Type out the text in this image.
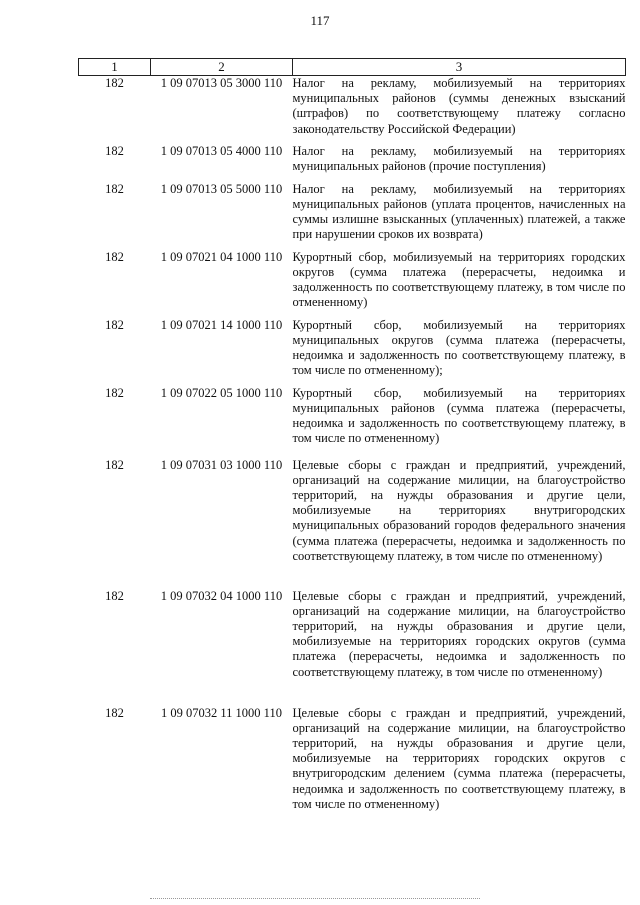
117
1	2	3
182	1 09 07013 05 3000 110	Налог на рекламу, мобилизуемый на территориях муниципальных районов (суммы денежных взысканий (штрафов) по соответствующему платежу согласно законодательству Российской Федерации)
182	1 09 07013 05 4000 110	Налог на рекламу, мобилизуемый на территориях муниципальных районов (прочие поступления)
182	1 09 07013 05 5000 110	Налог на рекламу, мобилизуемый на территориях муниципальных районов (уплата процентов, начисленных на суммы излишне взысканных (уплаченных) платежей, а также при нарушении сроков их возврата)
182	1 09 07021 04 1000 110	Курортный сбор, мобилизуемый на территориях городских округов (сумма платежа (перерасчеты, недоимка и задолженность по соответствующему платежу, в том числе по отмененному)
182	1 09 07021 14 1000 110	Курортный сбор, мобилизуемый на территориях муниципальных округов (сумма платежа (перерасчеты, недоимка и задолженность по соответствующему платежу, в том числе по отмененному);
182	1 09 07022 05 1000 110	Курортный сбор, мобилизуемый на территориях муниципальных районов (сумма платежа (перерасчеты, недоимка и задолженность по соответствующему платежу, в том числе по отмененному)
182	1 09 07031 03 1000 110	Целевые сборы с граждан и предприятий, учреждений, организаций на содержание милиции, на благоустройство территорий, на нужды образования и другие цели, мобилизуемые на территориях внутригородских муниципальных образований городов федерального значения (сумма платежа (перерасчеты, недоимка и задолженность по соответствующему платежу, в том числе по отмененному)
182	1 09 07032 04 1000 110	Целевые сборы с граждан и предприятий, учреждений, организаций на содержание милиции, на благоустройство территорий, на нужды образования и другие цели, мобилизуемые на территориях городских округов (сумма платежа (перерасчеты, недоимка и задолженность по соответствующему платежу, в том числе по отмененному)
182	1 09 07032 11 1000 110	Целевые сборы с граждан и предприятий, учреждений, организаций на содержание милиции, на благоустройство территорий, на нужды образования и другие цели, мобилизуемые на территориях городских округов с внутригородским делением (сумма платежа (перерасчеты, недоимка и задолженность по соответствующему платежу, в том числе по отмененному)
